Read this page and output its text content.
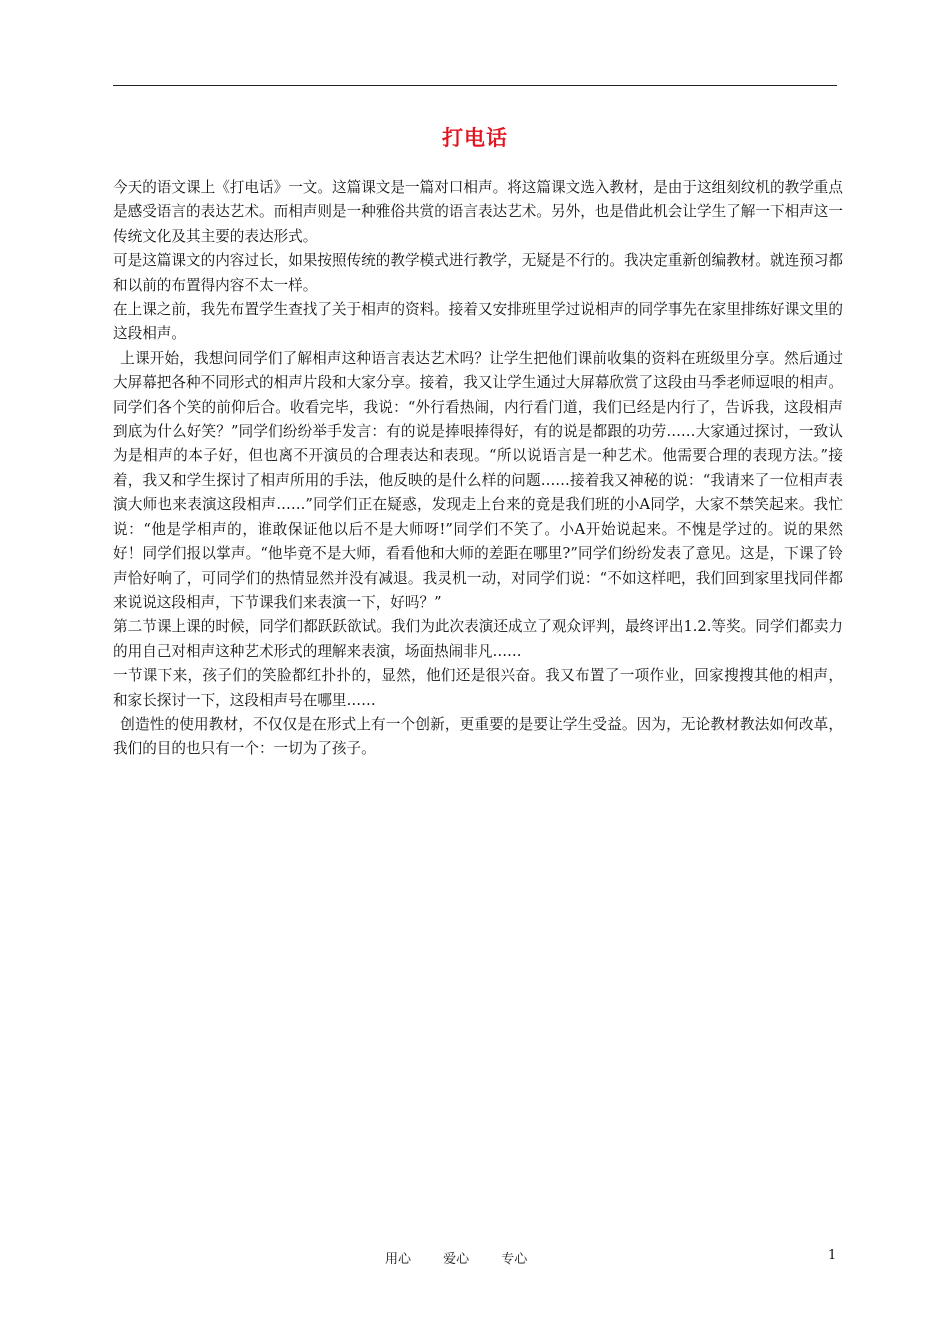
打电话

今天的语文课上《打电话》一文。这篇课文是一篇对口相声。将这篇课文选入教材，是由于这组刻纹机的教学重点是感受语言的表达艺术。而相声则是一种雅俗共赏的语言表达艺术。另外，也是借此机会让学生了解一下相声这一传统文化及其主要的表达形式。

可是这篇课文的内容过长，如果按照传统的教学模式进行教学，无疑是不行的。我决定重新创编教材。就连预习都和以前的布置得内容不太一样。

在上课之前，我先布置学生查找了关于相声的资料。接着又安排班里学过说相声的同学事先在家里排练好课文里的这段相声。

上课开始，我想问同学们了解相声这种语言表达艺术吗？让学生把他们课前收集的资料在班级里分享。然后通过大屏幕把各种不同形式的相声片段和大家分享。接着，我又让学生通过大屏幕欣赏了这段由马季老师逗哏的相声。同学们各个笑的前仰后合。收看完毕，我说：“外行看热闹，内行看门道，我们已经是内行了，告诉我，这段相声到底为什么好笑？”同学们纷纷举手发言：有的说是捧哏捧得好，有的说是都跟的功劳……大家通过探讨，一致认为是相声的本子好，但也离不开演员的合理表达和表现。“所以说语言是一种艺术。他需要合理的表现方法。”接着，我又和学生探讨了相声所用的手法，他反映的是什么样的问题……接着我又神秘的说：“我请来了一位相声表演大师也来表演这段相声……”同学们正在疑惑，发现走上台来的竟是我们班的小A同学，大家不禁笑起来。我忙说：“他是学相声的，谁敢保证他以后不是大师呀!”同学们不笑了。小A开始说起来。不愧是学过的。说的果然好！同学们报以掌声。“他毕竟不是大师，看看他和大师的差距在哪里?”同学们纷纷发表了意见。这是，下课了铃声恰好响了，可同学们的热情显然并没有减退。我灵机一动，对同学们说：“不如这样吧，我们回到家里找同伴都来说说这段相声，下节课我们来表演一下，好吗？”

第二节课上课的时候，同学们都跃跃欲试。我们为此次表演还成立了观众评判，最终评出1.2.等奖。同学们都卖力的用自己对相声这种艺术形式的理解来表演，场面热闹非凡……

一节课下来，孩子们的笑脸都红扑扑的，显然，他们还是很兴奋。我又布置了一项作业，回家搜搜其他的相声， 和家长探讨一下，这段相声号在哪里……

创造性的使用教材，不仅仅是在形式上有一个创新，更重要的是要让学生受益。因为，无论教材教法如何改革，我们的目的也只有一个：一切为了孩子。

用心 爱心 专心	1
